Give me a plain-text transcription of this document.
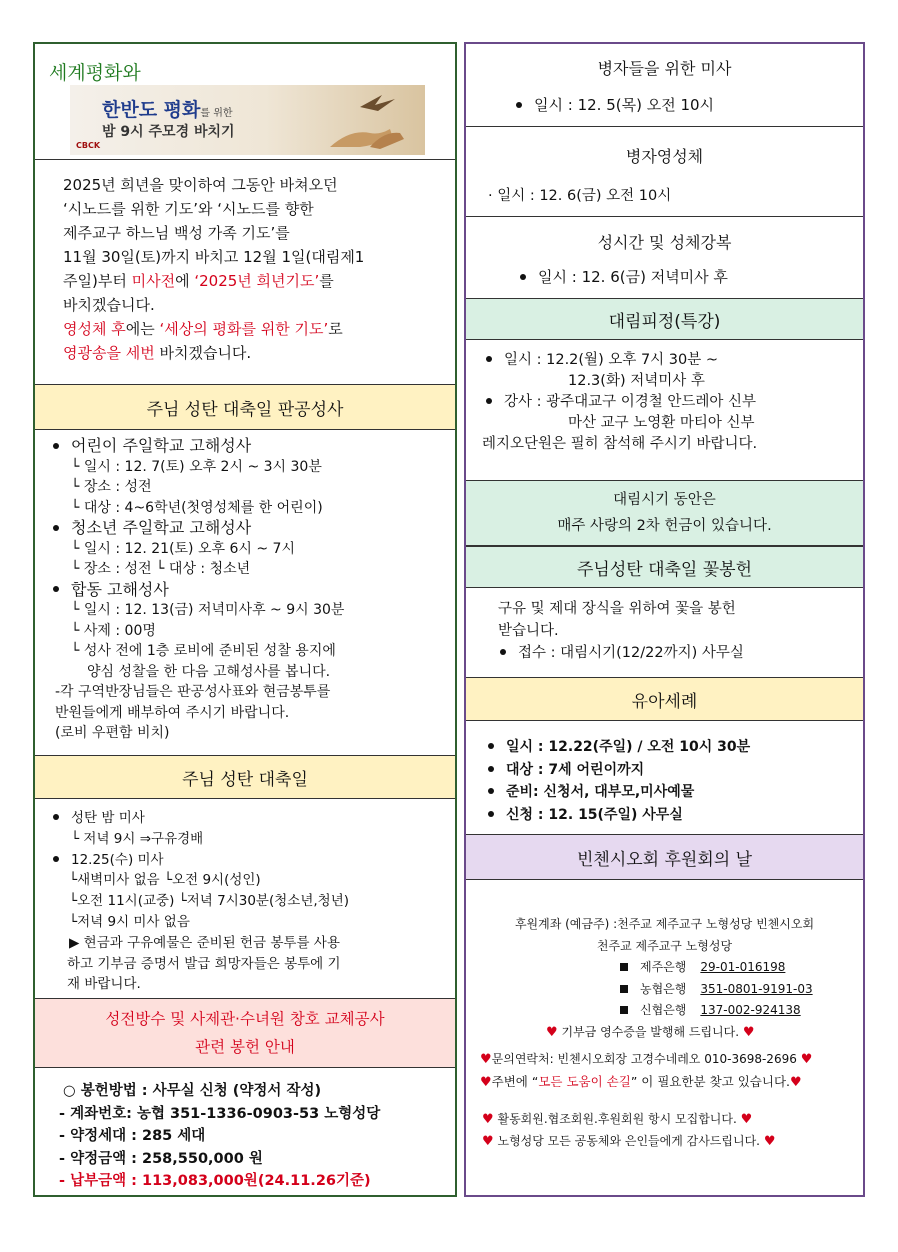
세계평화와
한반도 평화를 위한
밤 9시 주모경 바치기
CBCK
2025년 희년을 맞이하여 그동안 바쳐오던
‘시노드를 위한 기도’와 ‘시노드를 향한
제주교구 하느님 백성 가족 기도’를
11월 30일(토)까지 바치고 12월 1일(대림제1
주일)부터 미사전에 ‘2025년 희년기도’를
바치겠습니다.
영성체 후에는 ‘세상의 평화를 위한 기도’로
영광송을 세번 바치겠습니다.
주님 성탄 대축일 판공성사
어린이 주일학교 고해성사
└ 일시 : 12. 7(토) 오후 2시 ~ 3시 30분
└ 장소 : 성전
└ 대상 : 4~6학년(첫영성체를 한 어린이)
청소년 주일학교 고해성사
└ 일시 : 12. 21(토) 오후 6시 ~ 7시
└ 장소 : 성전 └ 대상 : 청소년
합동 고해성사
└ 일시 : 12. 13(금) 저녁미사후 ~ 9시 30분
└ 사제 : 00명
└ 성사 전에 1층 로비에 준비된 성찰 용지에
양심 성찰을 한 다음 고해성사를 봅니다.
-각 구역반장님들은 판공성사표와 현금봉투를
반원들에게 배부하여 주시기 바랍니다.
(로비 우편함 비치)
주님 성탄 대축일
성탄 밤 미사
└ 저녁 9시 ⇒구유경배
12.25(수) 미사
└새벽미사 없음 └오전 9시(성인)
└오전 11시(교중) └저녁 7시30분(청소년,청년)
└저녁 9시 미사 없음
▶ 현금과 구유예물은 준비된 헌금 봉투를 사용
하고 기부금 증명서 발급 희망자들은 봉투에 기
재 바랍니다.
성전방수 및 사제관·수녀원 창호 교체공사
관련 봉헌 안내
○ 봉헌방법 : 사무실 신청 (약정서 작성)
- 계좌번호: 농협 351-1336-0903-53 노형성당
- 약정세대 : 285 세대
- 약정금액 : 258,550,000 원
- 납부금액 : 113,083,000원(24.11.26기준)
병자들을 위한 미사
일시 : 12. 5(목) 오전 10시
병자영성체
· 일시 : 12. 6(금) 오전 10시
성시간 및 성체강복
일시 : 12. 6(금) 저녁미사 후
대림피정(특강)
일시 : 12.2(월) 오후 7시 30분 ~
12.3(화) 저녁미사 후
강사 : 광주대교구 이경철 안드레아 신부
마산 교구 노영환 마티아 신부
레지오단원은 필히 참석해 주시기 바랍니다.
대림시기 동안은
매주 사랑의 2차 헌금이 있습니다.
주님성탄 대축일 꽃봉헌
구유 및 제대 장식을 위하여 꽃을 봉헌
받습니다.
접수 : 대림시기(12/22까지) 사무실
유아세례
일시 : 12.22(주일) / 오전 10시 30분
대상 : 7세 어린이까지
준비: 신청서, 대부모,미사예물
신청 : 12. 15(주일) 사무실
빈첸시오회 후원회의 날
후원계좌 (예금주) :천주교 제주교구 노형성당 빈첸시오회
천주교 제주교구 노형성당
제주은행 29-01-016198
농협은행 351-0801-9191-03
신협은행 137-002-924138
♥ 기부금 영수증을 발행해 드립니다. ♥
♥문의연락처: 빈첸시오회장 고경수네레오 010-3698-2696 ♥
♥주변에 “모든 도움이 손길” 이 필요한분 찾고 있습니다.♥
♥ 활동회원.협조회원.후원회원 항시 모집합니다. ♥
♥ 노형성당 모든 공동체와 은인들에게 감사드립니다. ♥
